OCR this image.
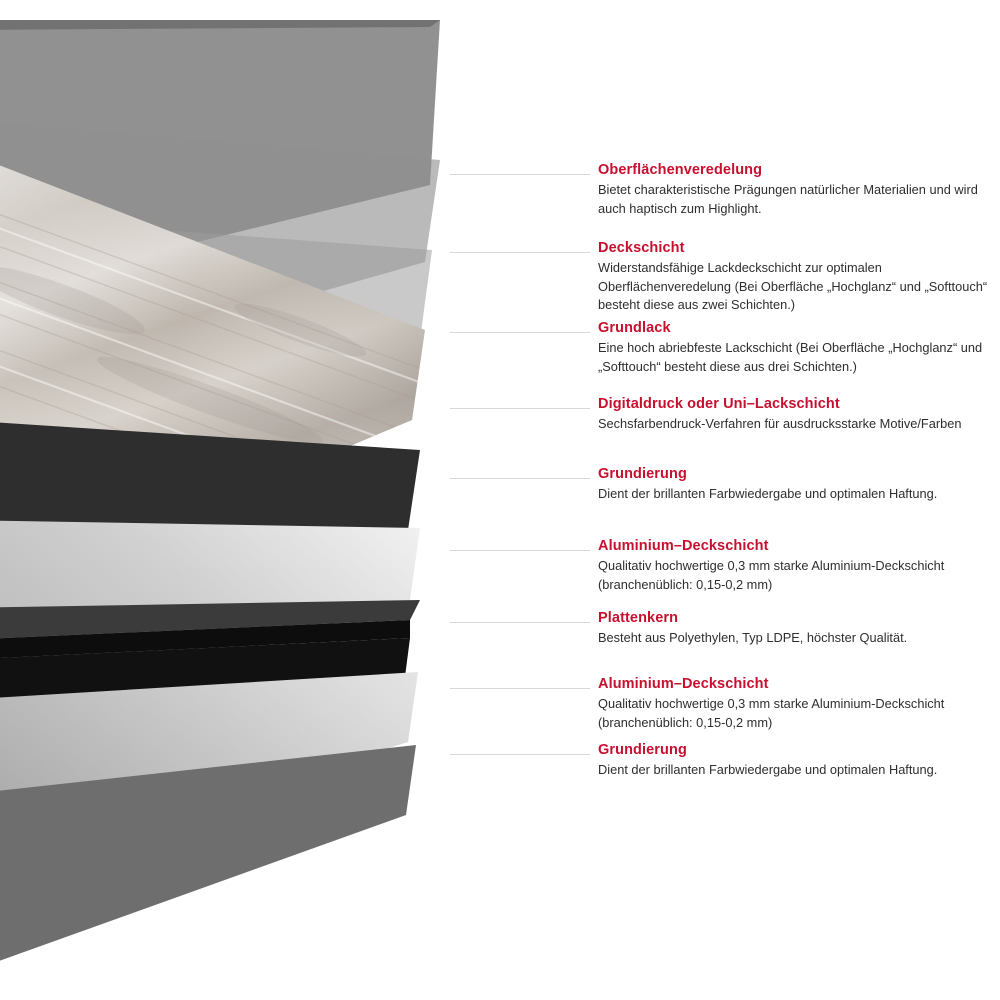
Oberflächenveredelung

Bietet charakteristische Prägungen natürlicher Materialien und wird auch haptisch zum Highlight.

Deckschicht

Widerstandsfähige Lackdeckschicht zur optimalen Oberflächenveredelung (Bei Oberfläche „Hochglanz“ und „Softtouch“ besteht diese aus zwei Schichten.)

Grundlack

Eine hoch abriebfeste Lackschicht (Bei Oberfläche „Hochglanz“ und „Softtouch“ besteht diese aus drei Schichten.)

Digitaldruck oder Uni–Lackschicht

Sechsfarbendruck-Verfahren für ausdrucksstarke Motive/Farben

Grundierung

Dient der brillanten Farbwiedergabe und optimalen Haftung.

Aluminium–Deckschicht

Qualitativ hochwertige 0,3 mm starke Aluminium-Deckschicht (branchenüblich: 0,15-0,2 mm)

Plattenkern

Besteht aus Polyethylen, Typ LDPE, höchster Qualität.

Aluminium–Deckschicht

Qualitativ hochwertige 0,3 mm starke Aluminium-Deckschicht (branchenüblich: 0,15-0,2 mm)

Grundierung

Dient der brillanten Farbwiedergabe und optimalen Haftung.
